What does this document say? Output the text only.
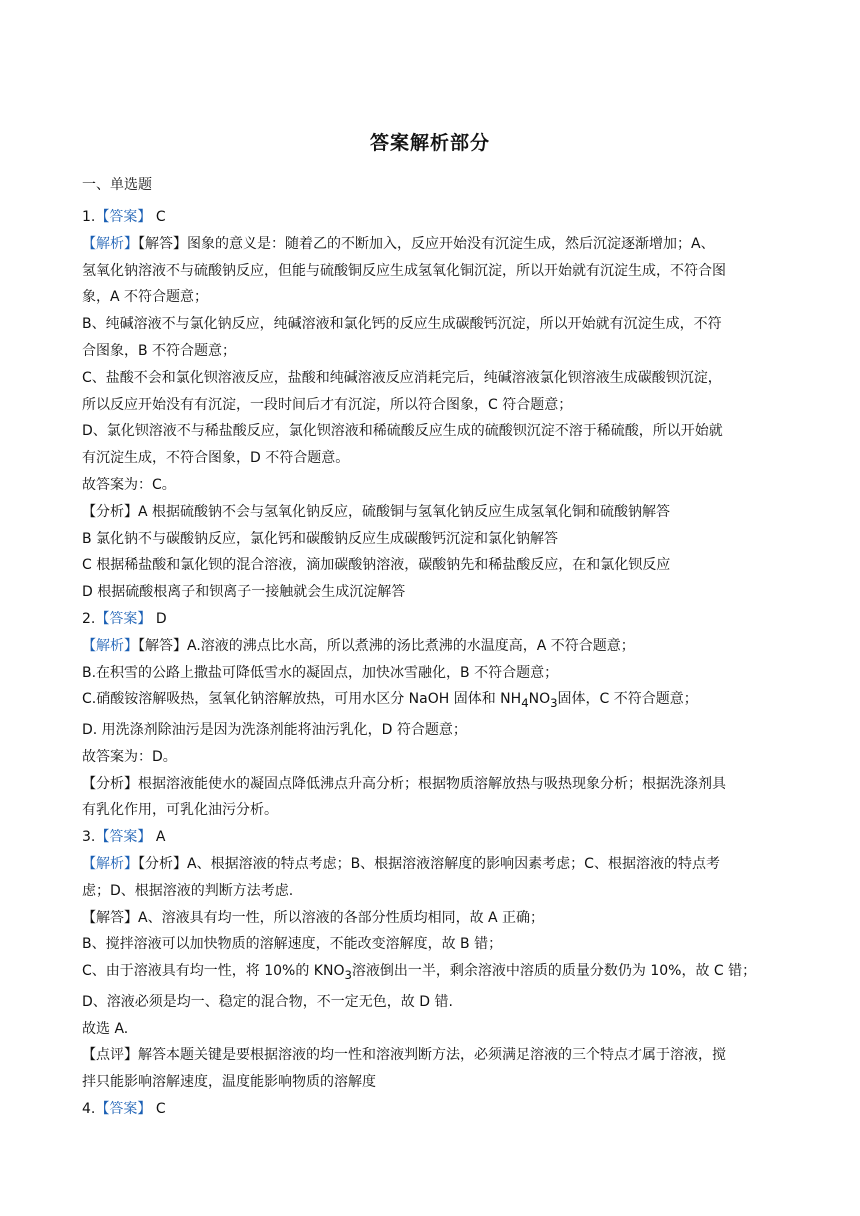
答案解析部分
一、单选题
1.【答案】 C
【解析】【解答】图象的意义是：随着乙的不断加入，反应开始没有沉淀生成，然后沉淀逐渐增加；A、
氢氧化钠溶液不与硫酸钠反应，但能与硫酸铜反应生成氢氧化铜沉淀，所以开始就有沉淀生成，不符合图
象，A 不符合题意；
B、纯碱溶液不与氯化钠反应，纯碱溶液和氯化钙的反应生成碳酸钙沉淀，所以开始就有沉淀生成，不符
合图象，B 不符合题意；
C、盐酸不会和氯化钡溶液反应，盐酸和纯碱溶液反应消耗完后，纯碱溶液氯化钡溶液生成碳酸钡沉淀，
所以反应开始没有有沉淀，一段时间后才有沉淀，所以符合图象，C 符合题意；
D、氯化钡溶液不与稀盐酸反应，氯化钡溶液和稀硫酸反应生成的硫酸钡沉淀不溶于稀硫酸，所以开始就
有沉淀生成，不符合图象，D 不符合题意。
故答案为：C。
【分析】A 根据硫酸钠不会与氢氧化钠反应，硫酸铜与氢氧化钠反应生成氢氧化铜和硫酸钠解答
B 氯化钠不与碳酸钠反应，氯化钙和碳酸钠反应生成碳酸钙沉淀和氯化钠解答
C 根据稀盐酸和氯化钡的混合溶液，滴加碳酸钠溶液，碳酸钠先和稀盐酸反应，在和氯化钡反应
D 根据硫酸根离子和钡离子一接触就会生成沉淀解答
2.【答案】 D
【解析】【解答】A.溶液的沸点比水高，所以煮沸的汤比煮沸的水温度高，A 不符合题意；
B.在积雪的公路上撒盐可降低雪水的凝固点，加快冰雪融化，B 不符合题意；
C.硝酸铵溶解吸热，氢氧化钠溶解放热，可用水区分 NaOH 固体和 $NH_4NO_3$固体，C 不符合题意；
D. 用洗涤剂除油污是因为洗涤剂能将油污乳化，D 符合题意；
故答案为：D。
【分析】根据溶液能使水的凝固点降低沸点升高分析；根据物质溶解放热与吸热现象分析；根据洗涤剂具
有乳化作用，可乳化油污分析。
3.【答案】 A
【解析】【分析】A、根据溶液的特点考虑；B、根据溶液溶解度的影响因素考虑；C、根据溶液的特点考
虑；D、根据溶液的判断方法考虑.
【解答】A、溶液具有均一性，所以溶液的各部分性质均相同，故 A 正确；
B、搅拌溶液可以加快物质的溶解速度，不能改变溶解度，故 B 错；
C、由于溶液具有均一性，将 10%的 $KNO_3$溶液倒出一半，剩余溶液中溶质的质量分数仍为 10%，故 C 错；
D、溶液必须是均一、稳定的混合物，不一定无色，故 D 错.
故选 A.
【点评】解答本题关键是要根据溶液的均一性和溶液判断方法，必须满足溶液的三个特点才属于溶液，搅
拌只能影响溶解速度，温度能影响物质的溶解度
4.【答案】 C
